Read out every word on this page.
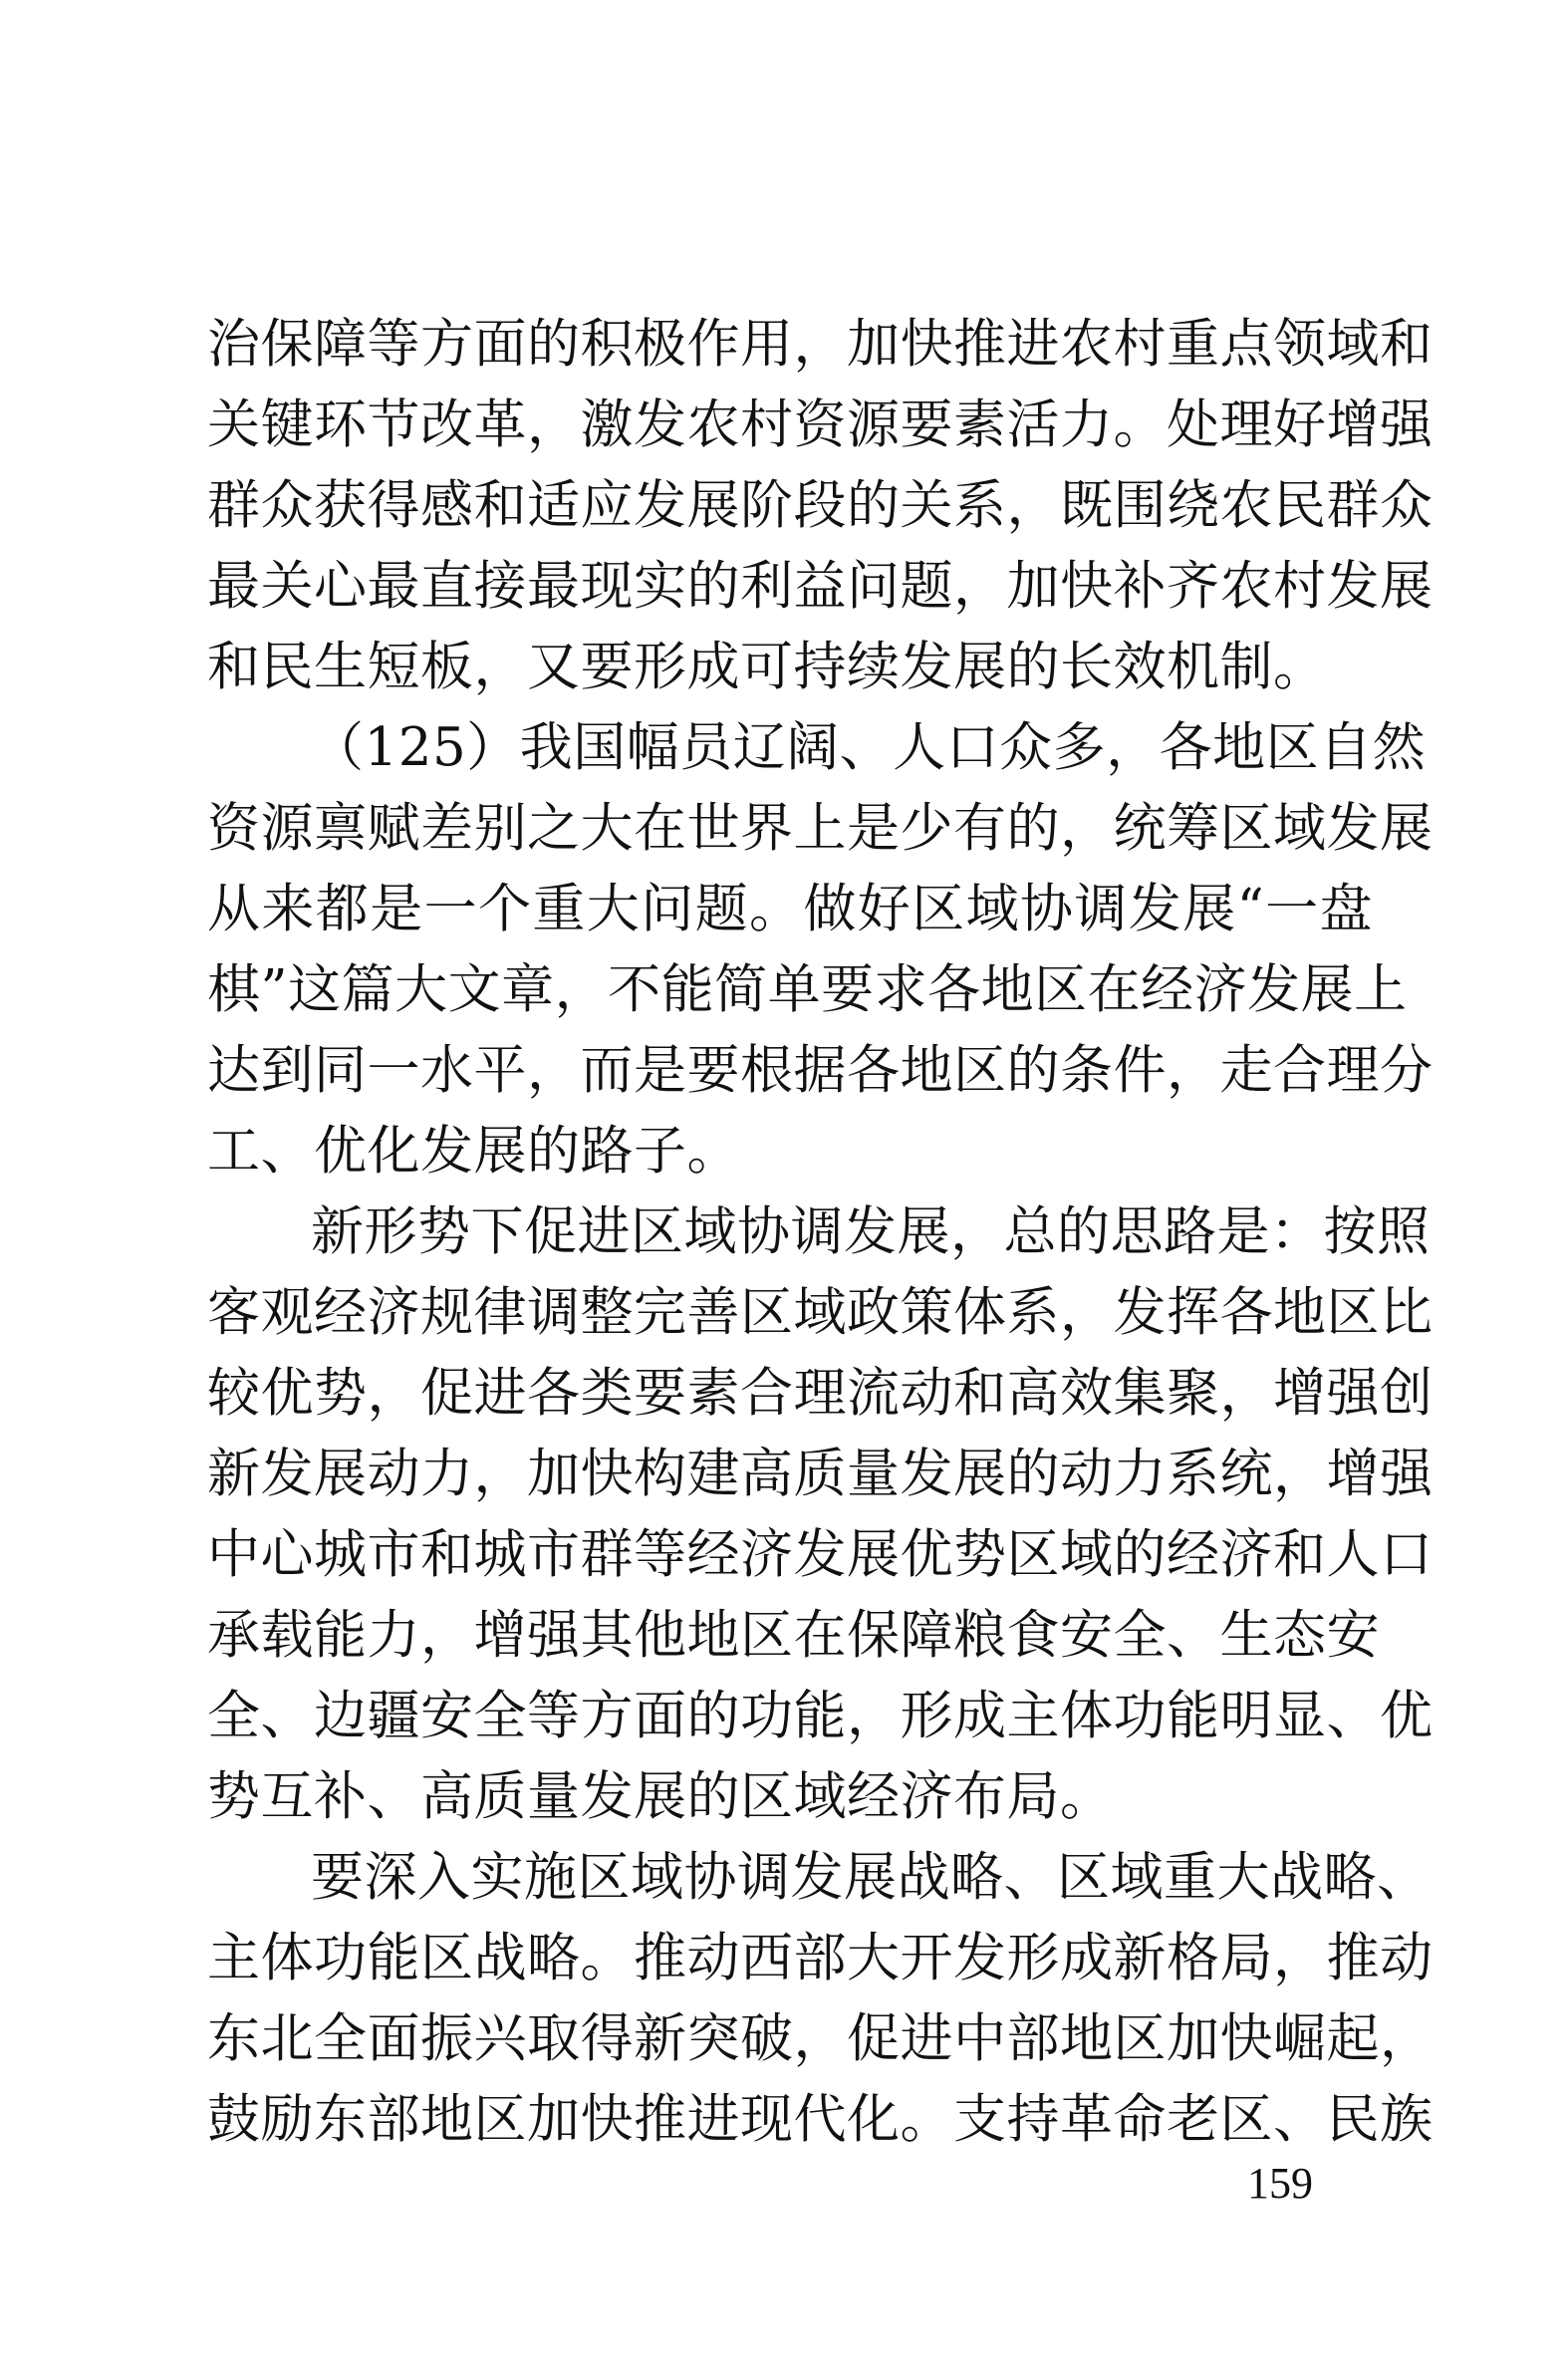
治保障等方面的积极作用，加快推进农村重点领域和
关键环节改革，激发农村资源要素活力。处理好增强
群众获得感和适应发展阶段的关系，既围绕农民群众
最关心最直接最现实的利益问题，加快补齐农村发展
和民生短板，又要形成可持续发展的长效机制。

（125）我国幅员辽阔、人口众多，各地区自然
资源禀赋差别之大在世界上是少有的，统筹区域发展
从来都是一个重大问题。做好区域协调发展“一盘
棋”这篇大文章，不能简单要求各地区在经济发展上
达到同一水平，而是要根据各地区的条件，走合理分
工、优化发展的路子。

新形势下促进区域协调发展，总的思路是：按照
客观经济规律调整完善区域政策体系，发挥各地区比
较优势，促进各类要素合理流动和高效集聚，增强创
新发展动力，加快构建高质量发展的动力系统，增强
中心城市和城市群等经济发展优势区域的经济和人口
承载能力，增强其他地区在保障粮食安全、生态安
全、边疆安全等方面的功能，形成主体功能明显、优
势互补、高质量发展的区域经济布局。

要深入实施区域协调发展战略、区域重大战略、
主体功能区战略。推动西部大开发形成新格局，推动
东北全面振兴取得新突破，促进中部地区加快崛起，
鼓励东部地区加快推进现代化。支持革命老区、民族

159
